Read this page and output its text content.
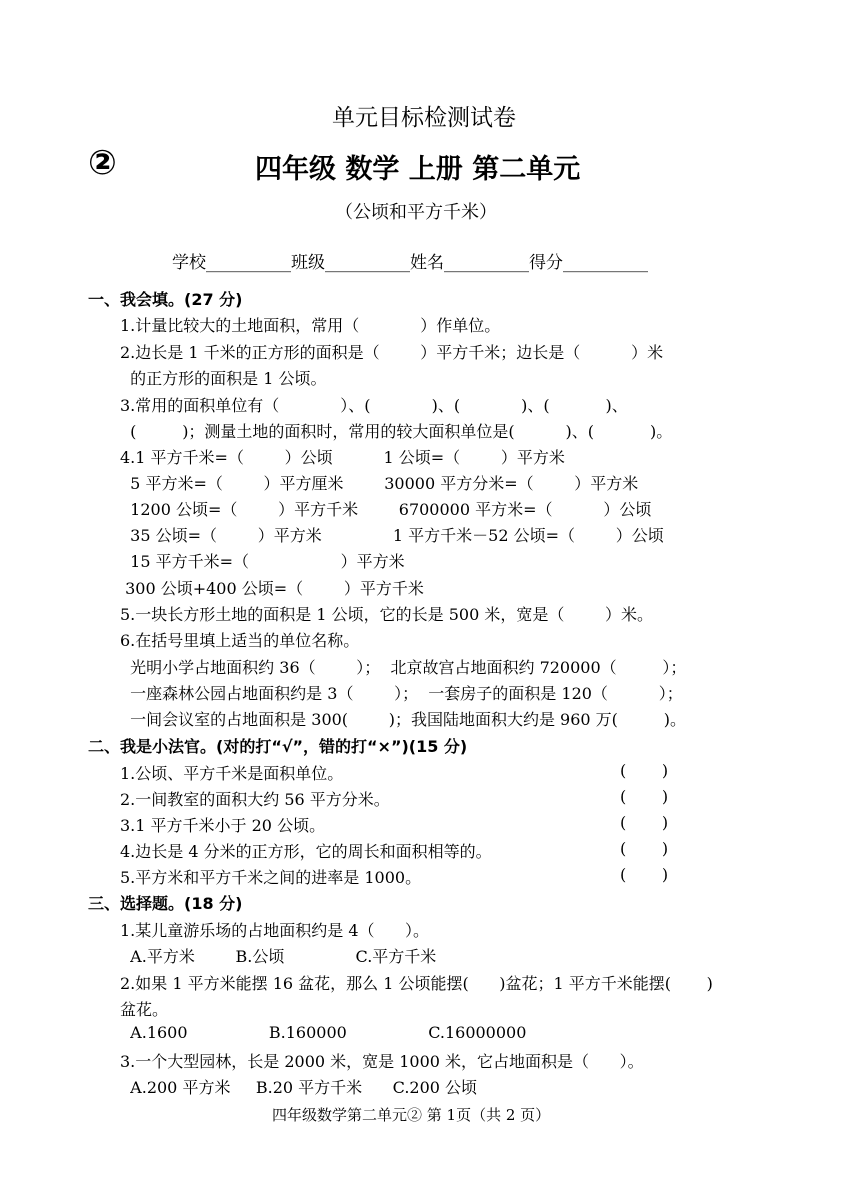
单元目标检测试卷
②	四年级 数学 上册 第二单元
（公顷和平方千米）
学校__________班级__________姓名__________得分__________
一、我会填。(27 分)
1.计量比较大的土地面积，常用（            ）作单位。
2.边长是 1 千米的正方形的面积是（        ）平方千米；边长是（          ）米
的正方形的面积是 1 公顷。
3.常用的面积单位有（            ）、(            )、(            )、(           )、
(         )；测量土地的面积时，常用的较大面积单位是(          )、(           )。
4.1 平方千米=（        ）公顷          1 公顷=（        ）平方米
5 平方米=（        ）平方厘米        30000 平方分米=（        ）平方米
1200 公顷=（        ）平方千米        6700000 平方米=（          ）公顷
35 公顷=（        ）平方米              1 平方千米－52 公顷=（        ）公顷
15 平方千米=（                  ）平方米
300 公顷+400 公顷=（        ）平方千米
5.一块长方形土地的面积是 1 公顷，它的长是 500 米，宽是（        ）米。
6.在括号里填上适当的单位名称。
光明小学占地面积约 36（        ）；  北京故宫占地面积约 720000（         ）；
一座森林公园占地面积约是 3（        ）；  一套房子的面积是 120（          ）；
一间会议室的占地面积是 300(        )；我国陆地面积大约是 960 万(         )。
二、我是小法官。(对的打“√”，错的打“×”)(15 分)
1.公顷、平方千米是面积单位。	(       )
2.一间教室的面积大约 56 平方分米。	(       )
3.1 平方千米小于 20 公顷。	(       )
4.边长是 4 分米的正方形，它的周长和面积相等的。	(       )
5.平方米和平方千米之间的进率是 1000。	(       )
三、选择题。(18 分)
1.某儿童游乐场的占地面积约是 4（      ）。
A.平方米        B.公顷              C.平方千米
2.如果 1 平方米能摆 16 盆花，那么 1 公顷能摆(      )盆花；1 平方千米能摆(       )
盆花。
A.1600                B.160000                C.16000000
3.一个大型园林，长是 2000 米，宽是 1000 米，它占地面积是（      ）。
A.200 平方米     B.20 平方千米      C.200 公顷
四年级数学第二单元② 第 1页（共 2 页）
